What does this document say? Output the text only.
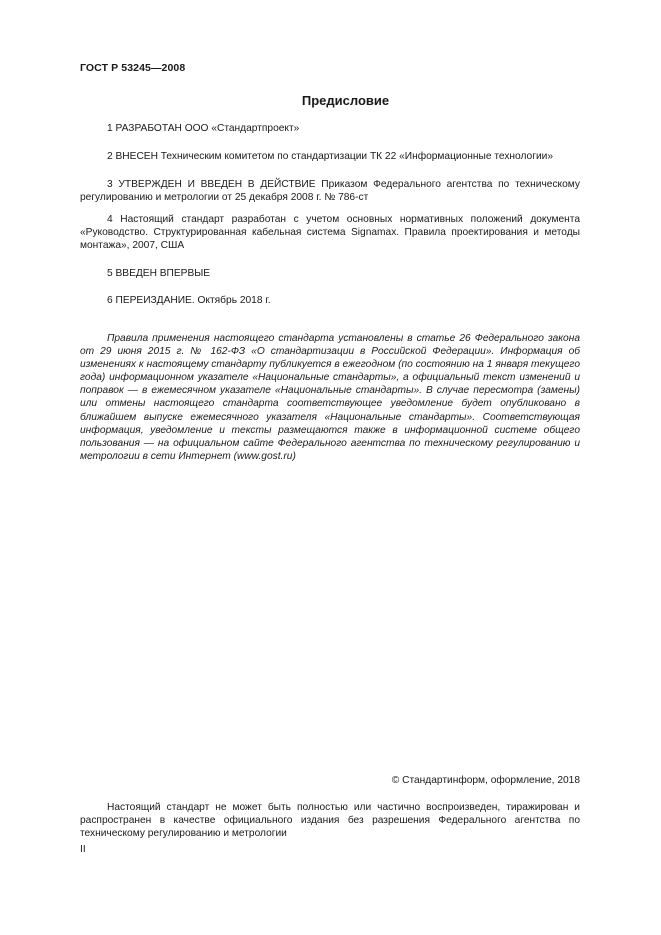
ГОСТ Р 53245—2008
Предисловие
1 РАЗРАБОТАН ООО «Стандартпроект»
2 ВНЕСЕН Техническим комитетом по стандартизации ТК 22 «Информационные технологии»
3 УТВЕРЖДЕН И ВВЕДЕН В ДЕЙСТВИЕ Приказом Федерального агентства по техническому регулированию и метрологии от 25 декабря 2008 г. № 786-ст
4 Настоящий стандарт разработан с учетом основных нормативных положений документа «Руководство. Структурированная кабельная система Signamax. Правила проектирования и методы монтажа», 2007, США
5 ВВЕДЕН ВПЕРВЫЕ
6 ПЕРЕИЗДАНИЕ. Октябрь 2018 г.
Правила применения настоящего стандарта установлены в статье 26 Федерального закона от 29 июня 2015 г. № 162-ФЗ «О стандартизации в Российской Федерации». Информация об изменениях к настоящему стандарту публикуется в ежегодном (по состоянию на 1 января текущего года) информационном указателе «Национальные стандарты», а официальный текст изменений и поправок — в ежемесячном указателе «Национальные стандарты». В случае пересмотра (замены) или отмены настоящего стандарта соответствующее уведомление будет опубликовано в ближайшем выпуске ежемесячного указателя «Национальные стандарты». Соответствующая информация, уведомление и тексты размещаются также в информационной системе общего пользования — на официальном сайте Федерального агентства по техническому регулированию и метрологии в сети Интернет (www.gost.ru)
© Стандартинформ, оформление, 2018
Настоящий стандарт не может быть полностью или частично воспроизведен, тиражирован и распространен в качестве официального издания без разрешения Федерального агентства по техническому регулированию и метрологии
II
